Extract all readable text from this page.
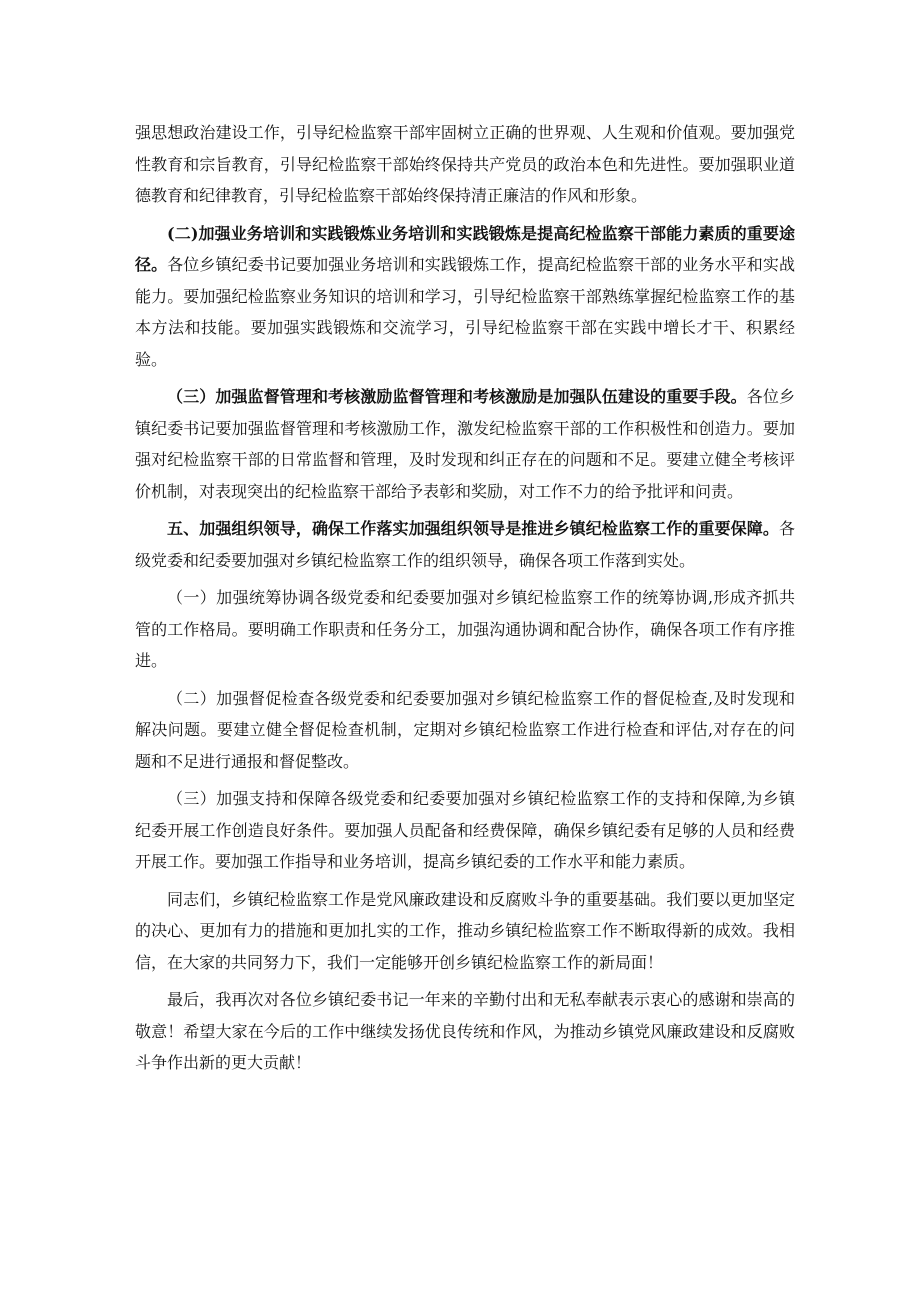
强思想政治建设工作，引导纪检监察干部牢固树立正确的世界观、人生观和价值观。要加强党性教育和宗旨教育，引导纪检监察干部始终保持共产党员的政治本色和先进性。要加强职业道德教育和纪律教育，引导纪检监察干部始终保持清正廉洁的作风和形象。

(二)加强业务培训和实践锻炼业务培训和实践锻炼是提高纪检监察干部能力素质的重要途径。各位乡镇纪委书记要加强业务培训和实践锻炼工作，提高纪检监察干部的业务水平和实战能力。要加强纪检监察业务知识的培训和学习，引导纪检监察干部熟练掌握纪检监察工作的基本方法和技能。要加强实践锻炼和交流学习，引导纪检监察干部在实践中增长才干、积累经验。

（三）加强监督管理和考核激励监督管理和考核激励是加强队伍建设的重要手段。各位乡镇纪委书记要加强监督管理和考核激励工作，激发纪检监察干部的工作积极性和创造力。要加强对纪检监察干部的日常监督和管理，及时发现和纠正存在的问题和不足。要建立健全考核评价机制，对表现突出的纪检监察干部给予表彰和奖励，对工作不力的给予批评和问责。

五、加强组织领导，确保工作落实加强组织领导是推进乡镇纪检监察工作的重要保障。各级党委和纪委要加强对乡镇纪检监察工作的组织领导，确保各项工作落到实处。

（一）加强统筹协调各级党委和纪委要加强对乡镇纪检监察工作的统筹协调,形成齐抓共管的工作格局。要明确工作职责和任务分工，加强沟通协调和配合协作，确保各项工作有序推进。

（二）加强督促检查各级党委和纪委要加强对乡镇纪检监察工作的督促检查,及时发现和解决问题。要建立健全督促检查机制，定期对乡镇纪检监察工作进行检查和评估,对存在的问题和不足进行通报和督促整改。

（三）加强支持和保障各级党委和纪委要加强对乡镇纪检监察工作的支持和保障,为乡镇纪委开展工作创造良好条件。要加强人员配备和经费保障，确保乡镇纪委有足够的人员和经费开展工作。要加强工作指导和业务培训，提高乡镇纪委的工作水平和能力素质。

同志们，乡镇纪检监察工作是党风廉政建设和反腐败斗争的重要基础。我们要以更加坚定的决心、更加有力的措施和更加扎实的工作，推动乡镇纪检监察工作不断取得新的成效。我相信，在大家的共同努力下，我们一定能够开创乡镇纪检监察工作的新局面！

最后，我再次对各位乡镇纪委书记一年来的辛勤付出和无私奉献表示衷心的感谢和崇高的敬意！希望大家在今后的工作中继续发扬优良传统和作风，为推动乡镇党风廉政建设和反腐败斗争作出新的更大贡献！
